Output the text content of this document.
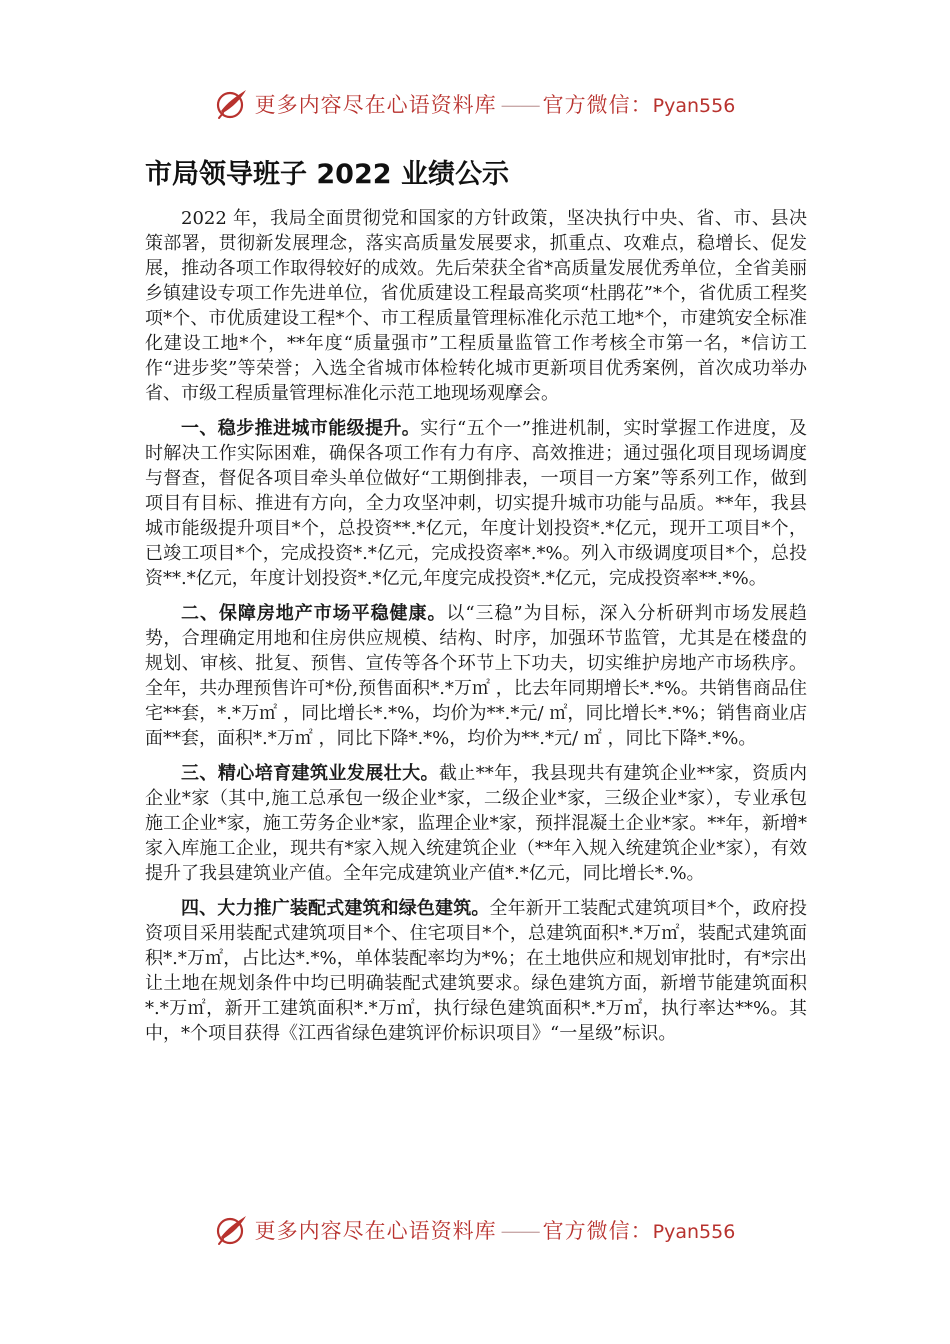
更多内容尽在心语资料库 —— 官方微信：Pyan556
市局领导班子 2022 业绩公示

2022 年，我局全面贯彻党和国家的方针政策，坚决执行中央、省、市、县决策部署，贯彻新发展理念，落实高质量发展要求，抓重点、攻难点，稳增长、促发展，推动各项工作取得较好的成效。先后荣获全省*高质量发展优秀单位，全省美丽乡镇建设专项工作先进单位，省优质建设工程最高奖项“杜鹃花”*个，省优质工程奖项*个、市优质建设工程*个、市工程质量管理标准化示范工地*个，市建筑安全标准化建设工地*个，**年度“质量强市”工程质量监管工作考核全市第一名，*信访工作“进步奖”等荣誉；入选全省城市体检转化城市更新项目优秀案例，首次成功举办省、市级工程质量管理标准化示范工地现场观摩会。

一、稳步推进城市能级提升。实行“五个一”推进机制，实时掌握工作进度，及时解决工作实际困难，确保各项工作有力有序、高效推进；通过强化项目现场调度与督查，督促各项目牵头单位做好“工期倒排表，一项目一方案”等系列工作，做到项目有目标、推进有方向，全力攻坚冲刺，切实提升城市功能与品质。**年，我县城市能级提升项目*个，总投资**.*亿元，年度计划投资*.*亿元，现开工项目*个，已竣工项目*个，完成投资*.*亿元，完成投资率*.*%。列入市级调度项目*个，总投资**.*亿元，年度计划投资*.*亿元,年度完成投资*.*亿元，完成投资率**.*%。

二、保障房地产市场平稳健康。以“三稳”为目标，深入分析研判市场发展趋势，合理确定用地和住房供应规模、结构、时序，加强环节监管，尤其是在楼盘的规划、审核、批复、预售、宣传等各个环节上下功夫，切实维护房地产市场秩序。全年，共办理预售许可*份,预售面积*.*万㎡ ，比去年同期增长*.*%。共销售商品住宅**套，*.*万㎡ ，同比增长*.*%，均价为**.*元/ ㎡，同比增长*.*%；销售商业店面**套，面积*.*万㎡ ，同比下降*.*%，均价为**.*元/ ㎡ ，同比下降*.*%。

三、精心培育建筑业发展壮大。截止**年，我县现共有建筑企业**家，资质内企业*家（其中,施工总承包一级企业*家，二级企业*家，三级企业*家），专业承包施工企业*家，施工劳务企业*家，监理企业*家，预拌混凝土企业*家。**年，新增*家入库施工企业，现共有*家入规入统建筑企业（**年入规入统建筑企业*家），有效提升了我县建筑业产值。全年完成建筑业产值*.*亿元，同比增长*.%。

四、大力推广装配式建筑和绿色建筑。全年新开工装配式建筑项目*个，政府投资项目采用装配式建筑项目*个、住宅项目*个，总建筑面积*.*万㎡，装配式建筑面积*.*万㎡，占比达*.*%，单体装配率均为*%；在土地供应和规划审批时，有*宗出让土地在规划条件中均已明确装配式建筑要求。绿色建筑方面，新增节能建筑面积*.*万㎡，新开工建筑面积*.*万㎡，执行绿色建筑面积*.*万㎡，执行率达**%。其中，*个项目获得《江西省绿色建筑评价标识项目》“一星级”标识。

更多内容尽在心语资料库 —— 官方微信：Pyan556
